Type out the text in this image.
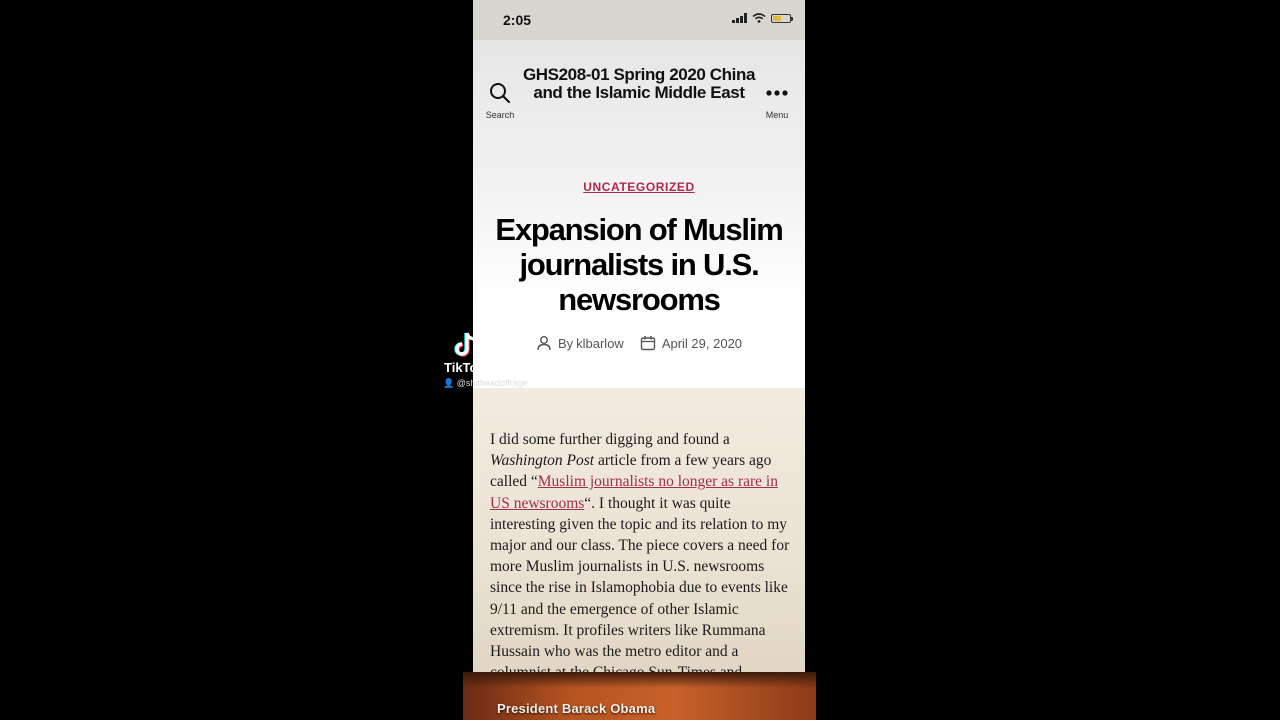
2:05
Search
GHS208-01 Spring 2020 China and the Islamic Middle East
Menu
UNCATEGORIZED
Expansion of Muslim journalists in U.S. newsrooms
By klbarlow	April 29, 2020

I did some further digging and found a Washington Post article from a few years ago called “Muslim journalists no longer as rare in US newsrooms“. I thought it was quite interesting given the topic and its relation to my major and our class. The piece covers a need for more Muslim journalists in U.S. newsrooms since the rise in Islamophobia due to events like 9/11 and the emergence of other Islamic extremism. It profiles writers like Rummana Hussain who was the metro editor and a

TikTok
👤 @shitheadoffrage
President Barack Obama
